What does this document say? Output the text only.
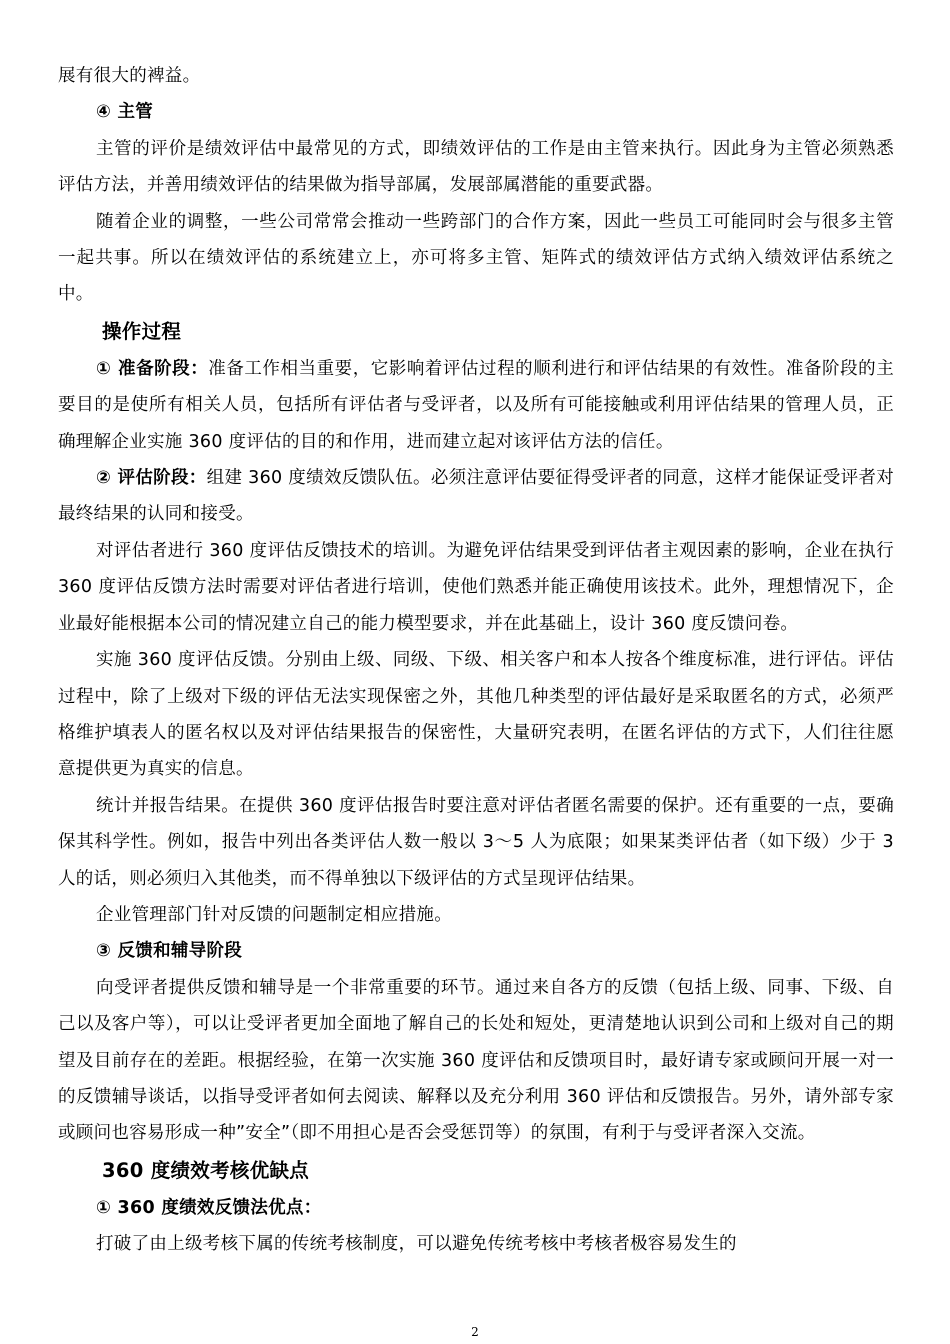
展有很大的裨益。

④ 主管

主管的评价是绩效评估中最常见的方式，即绩效评估的工作是由主管来执行。因此身为主管必须熟悉评估方法，并善用绩效评估的结果做为指导部属，发展部属潜能的重要武器。

随着企业的调整，一些公司常常会推动一些跨部门的合作方案，因此一些员工可能同时会与很多主管一起共事。所以在绩效评估的系统建立上，亦可将多主管、矩阵式的绩效评估方式纳入绩效评估系统之中。

操作过程

① 准备阶段：准备工作相当重要，它影响着评估过程的顺利进行和评估结果的有效性。准备阶段的主要目的是使所有相关人员，包括所有评估者与受评者，以及所有可能接触或利用评估结果的管理人员，正确理解企业实施 360 度评估的目的和作用，进而建立起对该评估方法的信任。

② 评估阶段：组建 360 度绩效反馈队伍。必须注意评估要征得受评者的同意，这样才能保证受评者对最终结果的认同和接受。

对评估者进行 360 度评估反馈技术的培训。为避免评估结果受到评估者主观因素的影响，企业在执行 360 度评估反馈方法时需要对评估者进行培训，使他们熟悉并能正确使用该技术。此外，理想情况下，企业最好能根据本公司的情况建立自己的能力模型要求，并在此基础上，设计 360 度反馈问卷。

实施 360 度评估反馈。分别由上级、同级、下级、相关客户和本人按各个维度标准，进行评估。评估过程中，除了上级对下级的评估无法实现保密之外，其他几种类型的评估最好是采取匿名的方式，必须严格维护填表人的匿名权以及对评估结果报告的保密性，大量研究表明，在匿名评估的方式下，人们往往愿意提供更为真实的信息。

统计并报告结果。在提供 360 度评估报告时要注意对评估者匿名需要的保护。还有重要的一点，要确保其科学性。例如，报告中列出各类评估人数一般以 3～5 人为底限；如果某类评估者（如下级）少于 3 人的话，则必须归入其他类，而不得单独以下级评估的方式呈现评估结果。

企业管理部门针对反馈的问题制定相应措施。

③ 反馈和辅导阶段

向受评者提供反馈和辅导是一个非常重要的环节。通过来自各方的反馈（包括上级、同事、下级、自己以及客户等），可以让受评者更加全面地了解自己的长处和短处，更清楚地认识到公司和上级对自己的期望及目前存在的差距。根据经验，在第一次实施 360 度评估和反馈项目时，最好请专家或顾问开展一对一的反馈辅导谈话，以指导受评者如何去阅读、解释以及充分利用 360 评估和反馈报告。另外，请外部专家或顾问也容易形成一种”安全”（即不用担心是否会受惩罚等）的氛围，有利于与受评者深入交流。

360 度绩效考核优缺点

① 360 度绩效反馈法优点：

打破了由上级考核下属的传统考核制度，可以避免传统考核中考核者极容易发生的

2
